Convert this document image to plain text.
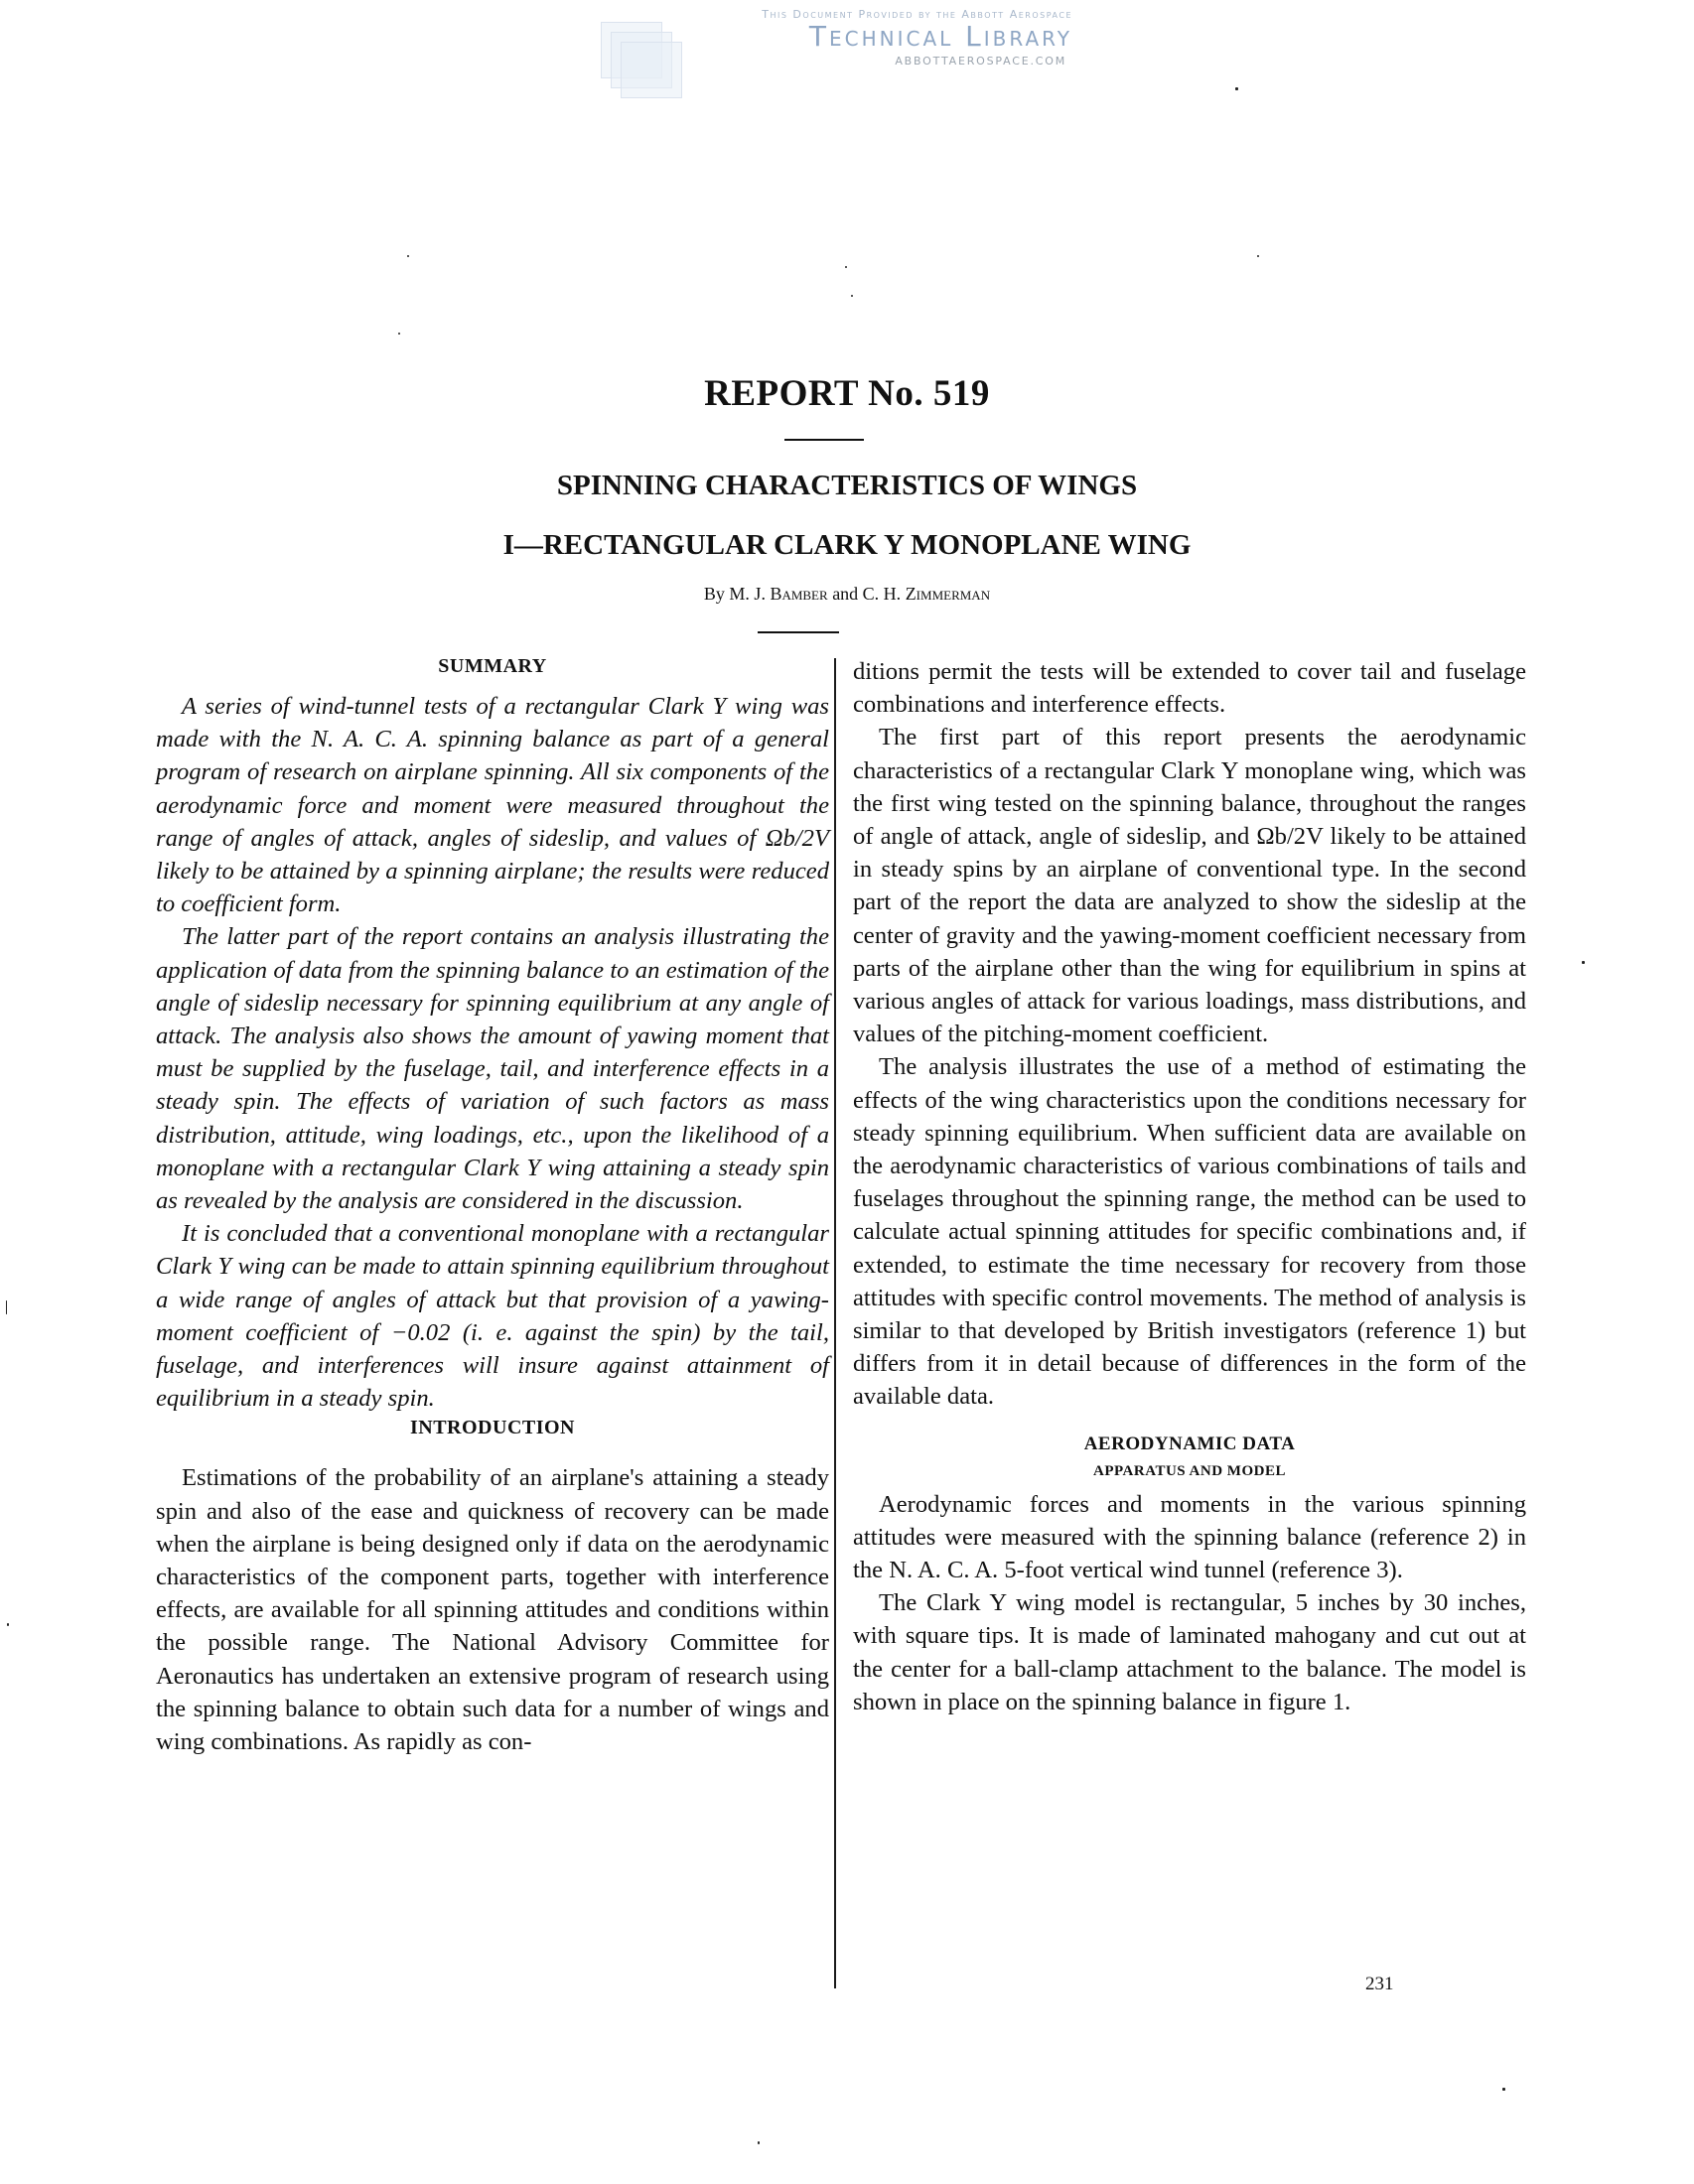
This Document Provided by the Abbott Aerospace
Technical Library
ABBOTTAEROSPACE.COM
REPORT No. 519
SPINNING CHARACTERISTICS OF WINGS
I—RECTANGULAR CLARK Y MONOPLANE WING
By M. J. Bamber and C. H. Zimmerman
SUMMARY

A series of wind-tunnel tests of a rectangular Clark Y wing was made with the N. A. C. A. spinning balance as part of a general program of research on airplane spinning. All six components of the aerodynamic force and moment were measured throughout the range of angles of attack, angles of sideslip, and values of Ωb/2V likely to be attained by a spinning airplane; the results were reduced to coefficient form.

The latter part of the report contains an analysis illustrating the application of data from the spinning balance to an estimation of the angle of sideslip necessary for spinning equilibrium at any angle of attack. The analysis also shows the amount of yawing moment that must be supplied by the fuselage, tail, and interference effects in a steady spin. The effects of variation of such factors as mass distribution, attitude, wing loadings, etc., upon the likelihood of a monoplane with a rectangular Clark Y wing attaining a steady spin as revealed by the analysis are considered in the discussion.

It is concluded that a conventional monoplane with a rectangular Clark Y wing can be made to attain spinning equilibrium throughout a wide range of angles of attack but that provision of a yawing-moment coefficient of −0.02 (i. e. against the spin) by the tail, fuselage, and interferences will insure against attainment of equilibrium in a steady spin.

INTRODUCTION

Estimations of the probability of an airplane's attaining a steady spin and also of the ease and quickness of recovery can be made when the airplane is being designed only if data on the aerodynamic characteristics of the component parts, together with interference effects, are available for all spinning attitudes and conditions within the possible range. The National Advisory Committee for Aeronautics has undertaken an extensive program of research using the spinning balance to obtain such data for a number of wings and wing combinations. As rapidly as con-

ditions permit the tests will be extended to cover tail and fuselage combinations and interference effects.

The first part of this report presents the aerodynamic characteristics of a rectangular Clark Y monoplane wing, which was the first wing tested on the spinning balance, throughout the ranges of angle of attack, angle of sideslip, and Ωb/2V likely to be attained in steady spins by an airplane of conventional type. In the second part of the report the data are analyzed to show the sideslip at the center of gravity and the yawing-moment coefficient necessary from parts of the airplane other than the wing for equilibrium in spins at various angles of attack for various loadings, mass distributions, and values of the pitching-moment coefficient.

The analysis illustrates the use of a method of estimating the effects of the wing characteristics upon the conditions necessary for steady spinning equilibrium. When sufficient data are available on the aerodynamic characteristics of various combinations of tails and fuselages throughout the spinning range, the method can be used to calculate actual spinning attitudes for specific combinations and, if extended, to estimate the time necessary for recovery from those attitudes with specific control movements. The method of analysis is similar to that developed by British investigators (reference 1) but differs from it in detail because of differences in the form of the available data.

AERODYNAMIC DATA
APPARATUS AND MODEL

Aerodynamic forces and moments in the various spinning attitudes were measured with the spinning balance (reference 2) in the N. A. C. A. 5-foot vertical wind tunnel (reference 3).

The Clark Y wing model is rectangular, 5 inches by 30 inches, with square tips. It is made of laminated mahogany and cut out at the center for a ball-clamp attachment to the balance. The model is shown in place on the spinning balance in figure 1.

231
